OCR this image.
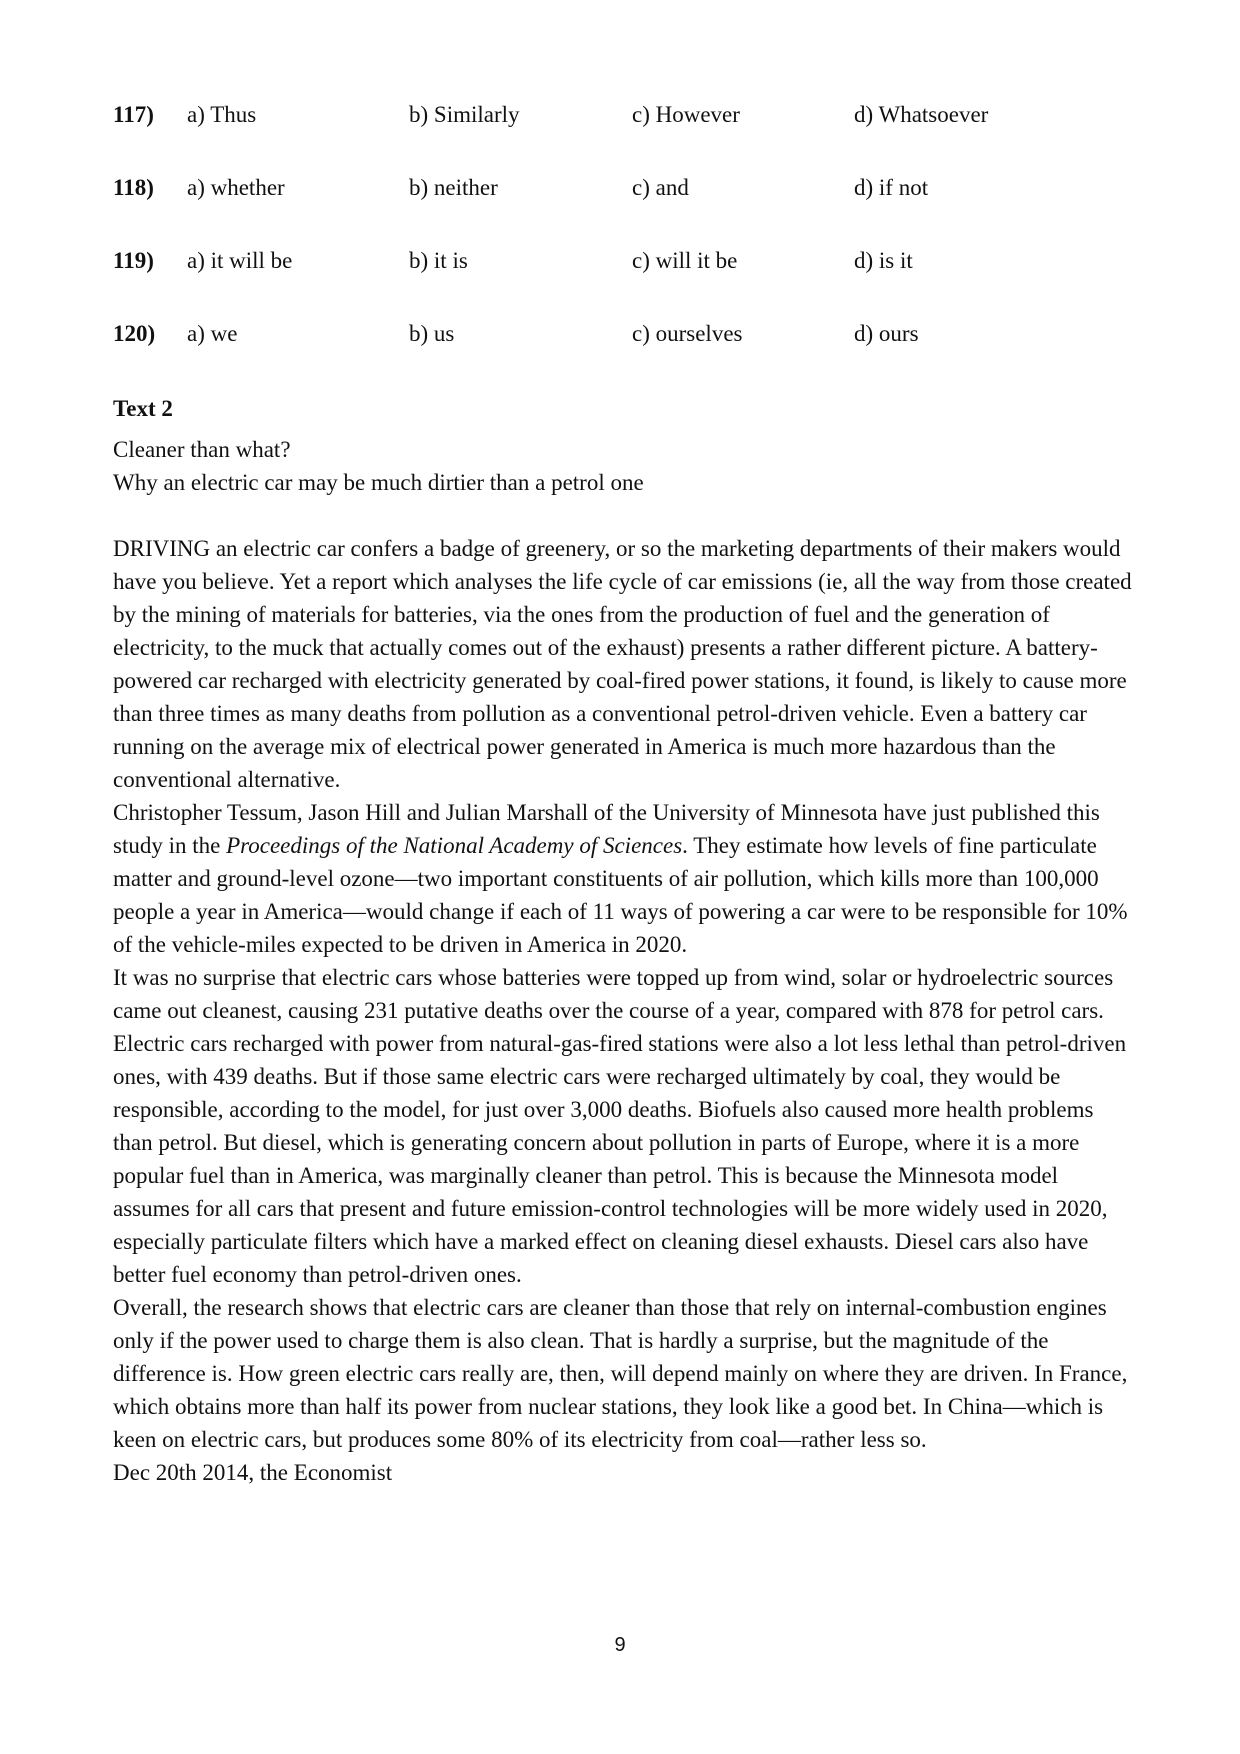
117) a) Thus	b) Similarly	c) However	d) Whatsoever
118) a) whether	b) neither	c) and	d) if not
119) a) it will be	b) it is	c) will it be	d) is it
120) a) we	b) us	c) ourselves	d) ours
Text 2
Cleaner than what?
Why an electric car may be much dirtier than a petrol one

DRIVING an electric car confers a badge of greenery, or so the marketing departments of their makers would have you believe. Yet a report which analyses the life cycle of car emissions (ie, all the way from those created by the mining of materials for batteries, via the ones from the production of fuel and the generation of electricity, to the muck that actually comes out of the exhaust) presents a rather different picture. A battery-powered car recharged with electricity generated by coal-fired power stations, it found, is likely to cause more than three times as many deaths from pollution as a conventional petrol-driven vehicle. Even a battery car running on the average mix of electrical power generated in America is much more hazardous than the conventional alternative.

Christopher Tessum, Jason Hill and Julian Marshall of the University of Minnesota have just published this study in the Proceedings of the National Academy of Sciences. They estimate how levels of fine particulate matter and ground-level ozone—two important constituents of air pollution, which kills more than 100,000 people a year in America—would change if each of 11 ways of powering a car were to be responsible for 10% of the vehicle-miles expected to be driven in America in 2020.

It was no surprise that electric cars whose batteries were topped up from wind, solar or hydroelectric sources came out cleanest, causing 231 putative deaths over the course of a year, compared with 878 for petrol cars. Electric cars recharged with power from natural-gas-fired stations were also a lot less lethal than petrol-driven ones, with 439 deaths. But if those same electric cars were recharged ultimately by coal, they would be responsible, according to the model, for just over 3,000 deaths. Biofuels also caused more health problems than petrol. But diesel, which is generating concern about pollution in parts of Europe, where it is a more popular fuel than in America, was marginally cleaner than petrol. This is because the Minnesota model assumes for all cars that present and future emission-control technologies will be more widely used in 2020, especially particulate filters which have a marked effect on cleaning diesel exhausts. Diesel cars also have better fuel economy than petrol-driven ones.

Overall, the research shows that electric cars are cleaner than those that rely on internal-combustion engines only if the power used to charge them is also clean. That is hardly a surprise, but the magnitude of the difference is. How green electric cars really are, then, will depend mainly on where they are driven. In France, which obtains more than half its power from nuclear stations, they look like a good bet. In China—which is keen on electric cars, but produces some 80% of its electricity from coal—rather less so.

Dec 20th 2014, the Economist

9
